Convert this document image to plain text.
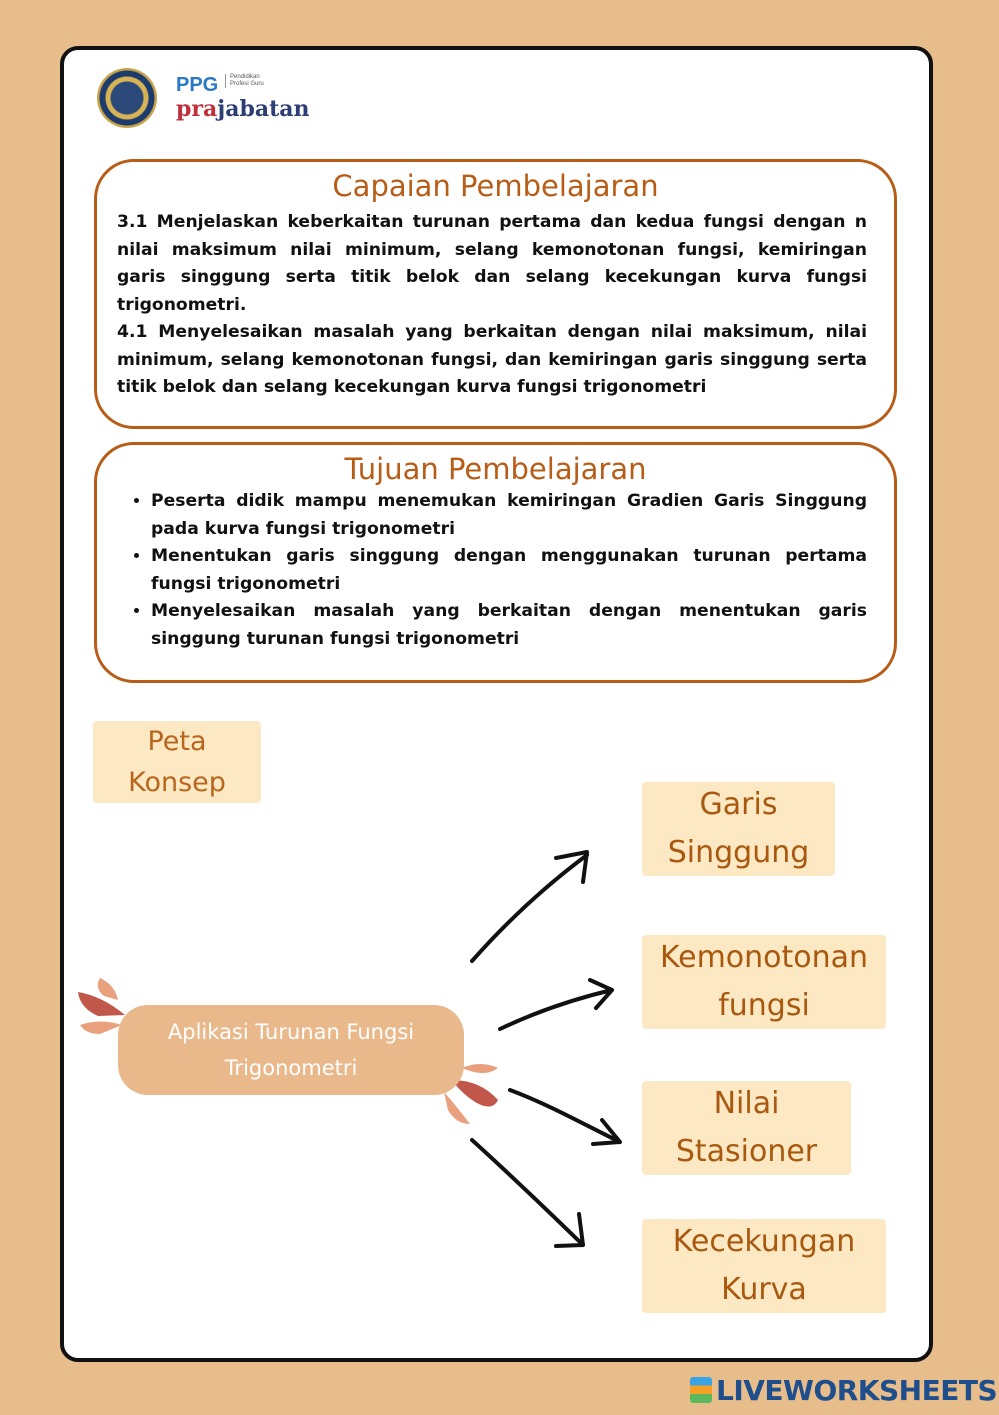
PPG	Pendidikan Profesi Guru
prajabatan
Capaian Pembelajaran

3.1 Menjelaskan keberkaitan turunan pertama dan kedua fungsi dengan n nilai maksimum nilai minimum, selang kemonotonan fungsi, kemiringan garis singgung serta titik belok dan selang kecekungan kurva fungsi trigonometri.

4.1 Menyelesaikan masalah yang berkaitan dengan nilai maksimum, nilai minimum, selang kemonotonan fungsi, dan kemiringan garis singgung serta titik belok dan selang kecekungan kurva fungsi trigonometri

Tujuan Pembelajaran
• Peserta didik mampu menemukan kemiringan Gradien Garis Singgung pada kurva fungsi trigonometri
• Menentukan garis singgung dengan menggunakan turunan pertama fungsi trigonometri
• Menyelesaikan masalah yang berkaitan dengan menentukan garis singgung turunan fungsi trigonometri
Peta
Konsep
Aplikasi Turunan Fungsi
Trigonometri
Garis
Singgung
Kemonotonan
fungsi
Nilai
Stasioner
Kecekungan
Kurva
LIVEWORKSHEETS
